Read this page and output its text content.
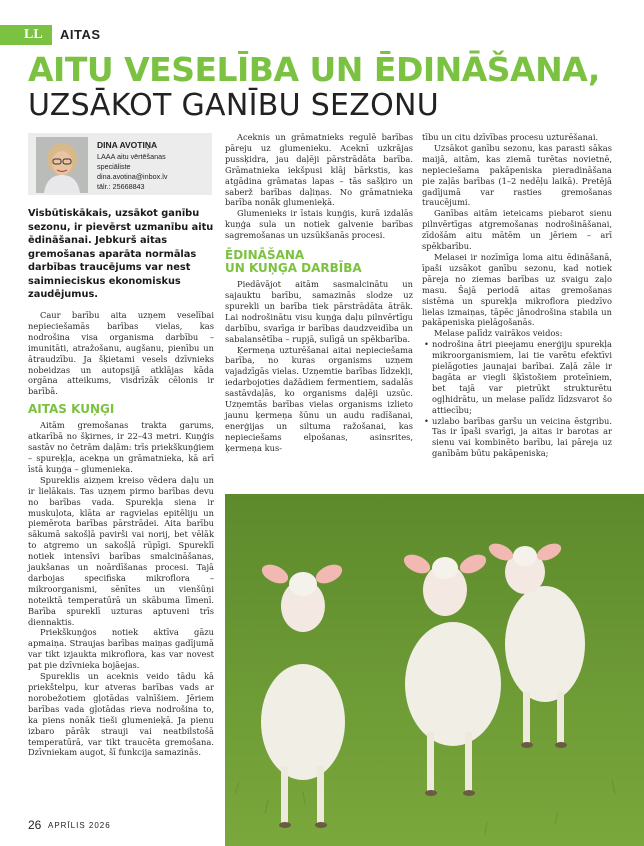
LL	AITAS
AITU VESELĪBA UN ĒDINĀŠANA,
UZSĀKOT GANĪBU SEZONU
DINA AVOTIŅA
LAAA aitu vērtēšanas
speciāliste
dina.avotina@inbox.lv
tālr.: 25668843
Visbūtiskākais, uzsākot ganību sezonu, ir pievērst uzmanību aitu ēdināšanai. Jebkurš aitas gremošanas aparāta normālas darbības traucējums var nest saimnieciskus ekonomiskus zaudējumus.

Caur barību aita uzņem veselībai nepieciešamās barības vielas, kas nodrošina visa organisma darbību – imunitāti, atražošanu, augšanu, pienību un ātraudzību. Ja šķietami vesels dzīvnieks nobeidzas un autopsijā atklājas kāda orgāna atteikums, visdrīzāk cēlonis ir barībā.

AITAS KUŅĢI

Aitām gremošanas trakta garums, atkarībā no šķirnes, ir 22–43 metri. Kuņģis sastāv no četrām daļām: trīs priekškuņģiem – spureķļa, acekņa un grāmatnieka, kā arī īstā kuņģa – glumenieka.

Spureklis aizņem kreiso vēdera daļu un ir lielākais. Tas uzņem pirmo barības devu no barības vada. Spurekļa siena ir muskuļota, klāta ar ragvielas epitēliju un piemērota barības pārstrādei. Aita barību sākumā sakošļā pavirši vai norij, bet vēlāk to atgremo un sakošļā rūpīgi. Spureklī notiek intensīvi barības smalcināšanas, jaukšanas un noārdīšanas procesi. Tajā darbojas specifiska mikroflora – mikroorganismi, sēnītes un vienšūņi noteiktā temperatūrā un skābuma līmenī. Barība spureklī uzturas aptuveni trīs diennaktis.

Priekškuņģos notiek aktīva gāzu apmaiņa. Straujas barības maiņas gadījumā var tikt izjaukta mikroflora, kas var novest pat pie dzīvnieka bojāejas.

Spureklis un aceknis veido tādu kā priekštelpu, kur atveras barības vads ar norobežotiem gļotādas valnīšiem. Jēriem barības vada gļotādas rieva nodrošina to, ka piens nonāk tieši glumenieķā. Ja pienu izbaro pārāk strauji vai neatbilstošā temperatūrā, var tikt traucēta gremošana. Dzīvniekam augot, šī funkcija samazinās.

Aceknis un grāmatnieks regulē barības pāreju uz glumenieku. Aceknī uzkrājas pussķidra, jau daļēji pārstrādāta barība. Grāmatnieka iekšpusi klāj bārkstis, kas atgādina grāmatas lapas – tās sašķiro un saberž barības daļiņas. No grāmatnieka barība nonāk glumenieķā.

Glumenieks ir īstais kuņģis, kurā izdalās kuņģa sula un notiek galvenie barības sagremošanas un uzsūkšanās procesi.

ĒDINĀŠANA
UN KUŅĢA DARBĪBA

Piedāvājot aitām sasmalcinātu un sajauktu barību, samazinās slodze uz spurekli un barība tiek pārstrādāta ātrāk. Lai nodrošinātu visu kuņģa daļu pilnvērtīgu darbību, svarīga ir barības daudzveidība un sabalansētība – rupjā, sulīgā un spēkbarība.

Ķermeņa uzturēšanai aitai nepieciešama barība, no kuras organisms uzņem vajadzīgās vielas. Uzņemtie barības līdzekļi, iedarbojoties dažādiem fermentiem, sadalās sastāvdaļās, ko organisms daļēji uzsūc. Uzņemtās barības vielas organisms izlieto jaunu ķermeņa šūnu un audu radīšanai, enerģijas un siltuma ražošanai, kas nepieciešams elpošanas, asinsrites, ķermeņa kus-

tību un citu dzīvības procesu uzturēšanai.

Uzsākot ganību sezonu, kas parasti sākas maijā, aitām, kas ziemā turētas novietnē, nepieciešama pakāpeniska pieradināšana pie zaļās barības (1–2 nedēļu laikā). Pretējā gadījumā var rasties gremošanas traucējumi.

Ganības aitām ieteicams piebarot sienu pilnvērtīgas atgremošanas nodrošināšanai, zīdošām aitu mātēm un jēriem – arī spēkbarību.

Melasei ir nozīmīga loma aitu ēdināšanā, īpaši uzsākot ganību sezonu, kad notiek pāreja no ziemas barības uz svaigu zaļo masu. Šajā periodā aitas gremošanas sistēma un spurekļa mikroflora piedzīvo lielas izmaiņas, tāpēc jānodrošina stabila un pakāpeniska pielāgošanās.

Melase palīdz vairākos veidos:

• nodrošina ātri pieejamu enerģiju spurekļa mikroorganismiem, lai tie varētu efektīvi pielāgoties jaunajai barībai. Zaļā zāle ir bagāta ar viegli šķīstošiem proteīniem, bet tajā var pietrūkt strukturētu ogļhidrātu, un melase palīdz līdzsvarot šo attiecību;

• uzlabo barības garšu un veicina ēstgribu. Tas ir īpaši svarīgi, ja aitas ir barotas ar sienu vai kombinēto barību, lai pāreja uz ganībām būtu pakāpeniska;

26 APRĪLIS 2026
